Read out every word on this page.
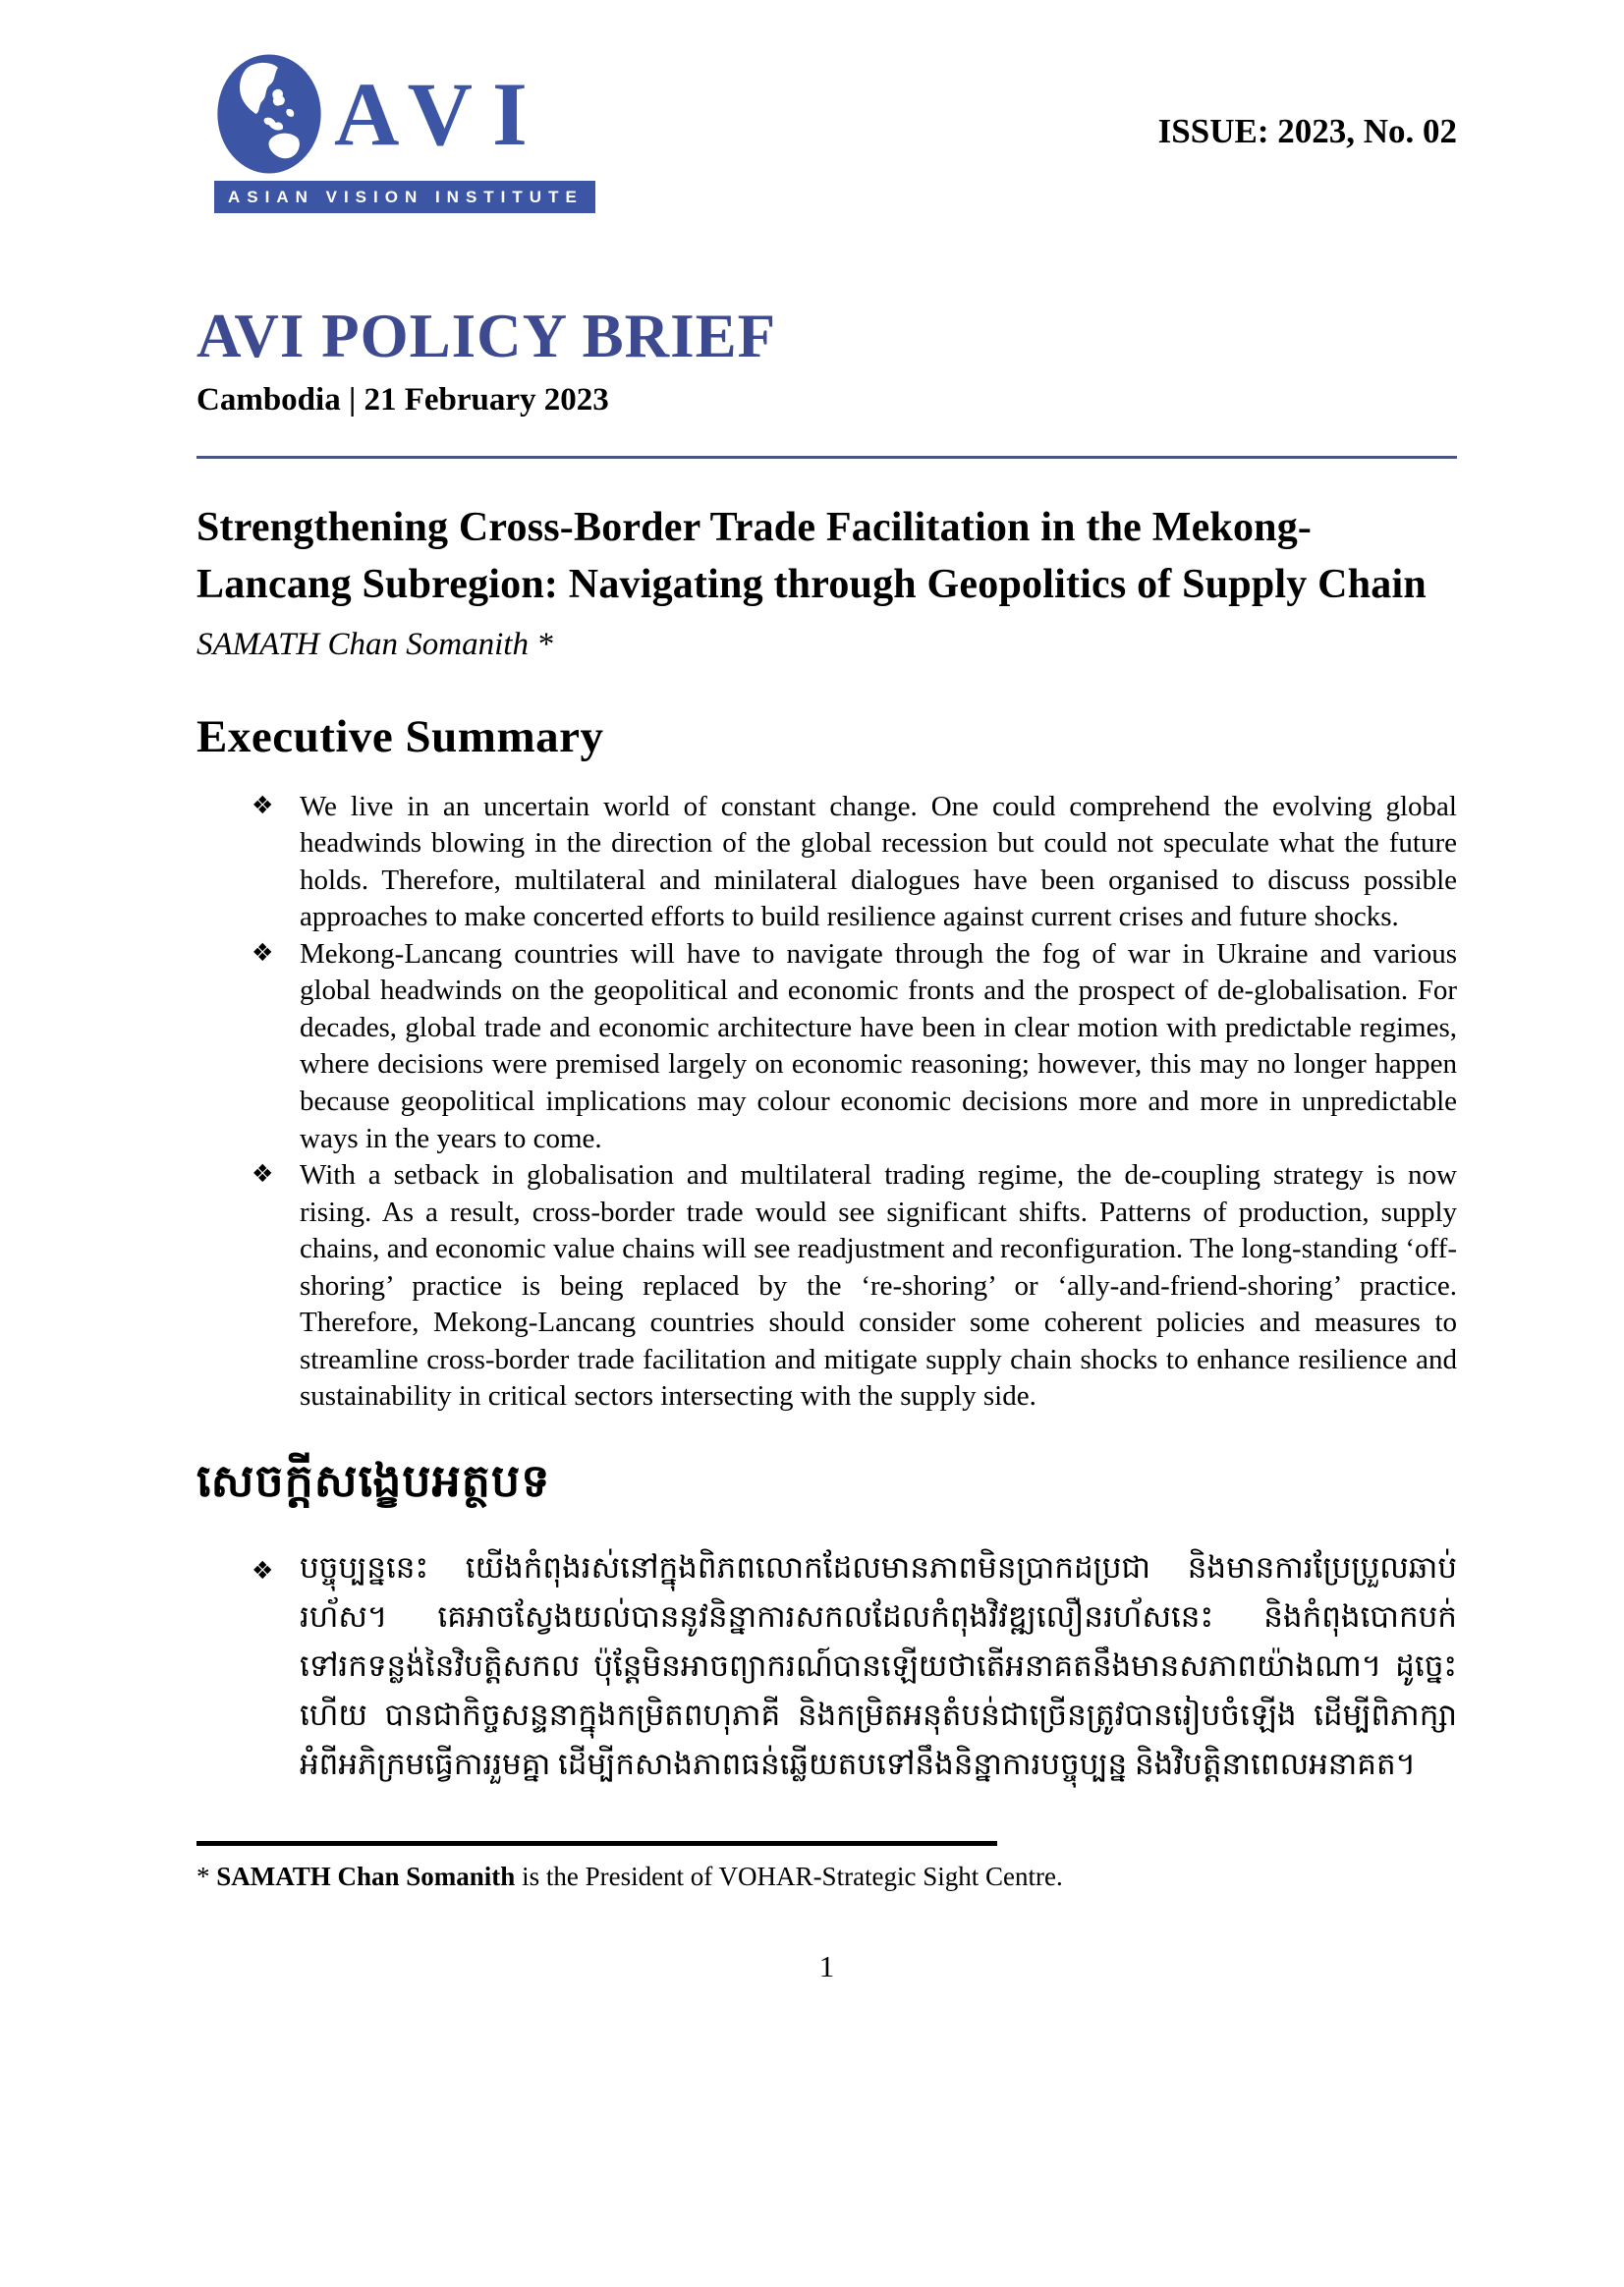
AVI
ASIAN VISION INSTITUTE
ISSUE: 2023, No. 02
AVI POLICY BRIEF
Cambodia | 21 February 2023
Strengthening Cross-Border Trade Facilitation in the Mekong-Lancang Subregion: Navigating through Geopolitics of Supply Chain
SAMATH Chan Somanith *
Executive Summary
❖ We live in an uncertain world of constant change. One could comprehend the evolving global headwinds blowing in the direction of the global recession but could not speculate what the future holds. Therefore, multilateral and minilateral dialogues have been organised to discuss possible approaches to make concerted efforts to build resilience against current crises and future shocks.
❖ Mekong-Lancang countries will have to navigate through the fog of war in Ukraine and various global headwinds on the geopolitical and economic fronts and the prospect of de-globalisation. For decades, global trade and economic architecture have been in clear motion with predictable regimes, where decisions were premised largely on economic reasoning; however, this may no longer happen because geopolitical implications may colour economic decisions more and more in unpredictable ways in the years to come.
❖ With a setback in globalisation and multilateral trading regime, the de-coupling strategy is now rising. As a result, cross-border trade would see significant shifts. Patterns of production, supply chains, and economic value chains will see readjustment and reconfiguration. The long-standing ‘off-shoring’ practice is being replaced by the ‘re-shoring’ or ‘ally-and-friend-shoring’ practice. Therefore, Mekong-Lancang countries should consider some coherent policies and measures to streamline cross-border trade facilitation and mitigate supply chain shocks to enhance resilience and sustainability in critical sectors intersecting with the supply side.
សេចក្តីសង្ខេបអត្ថបទ
❖ បច្ចុប្បន្ននេះ យើងកំពុងរស់នៅក្នុងពិភពលោកដែលមានភាពមិនប្រាកដប្រជា និងមានការប្រែប្រួលឆាប់រហ័ស។ គេអាចស្វែងយល់បាននូវនិន្នាការសកលដែលកំពុងវិវឌ្ឍលឿនរហ័សនេះ និងកំពុងបោកបក់ទៅរកទន្លង់នៃវិបត្តិសកល ប៉ុន្តែមិនអាចព្យាករណ៍បានឡើយថាតើអនាគតនឹងមានសភាពយ៉ាងណា។ ដូច្នេះហើយ បានជាកិច្ចសន្ទនាក្នុងកម្រិតពហុភាគី និងកម្រិតអនុតំបន់ជាច្រើនត្រូវបានរៀបចំឡើង ដើម្បីពិភាក្សាអំពីអភិក្រមធ្វើការរួមគ្នា ដើម្បីកសាងភាពធន់ឆ្លើយតបទៅនឹងនិន្នាការបច្ចុប្បន្ន និងវិបត្តិនាពេលអនាគត។
* SAMATH Chan Somanith is the President of VOHAR-Strategic Sight Centre.
1
